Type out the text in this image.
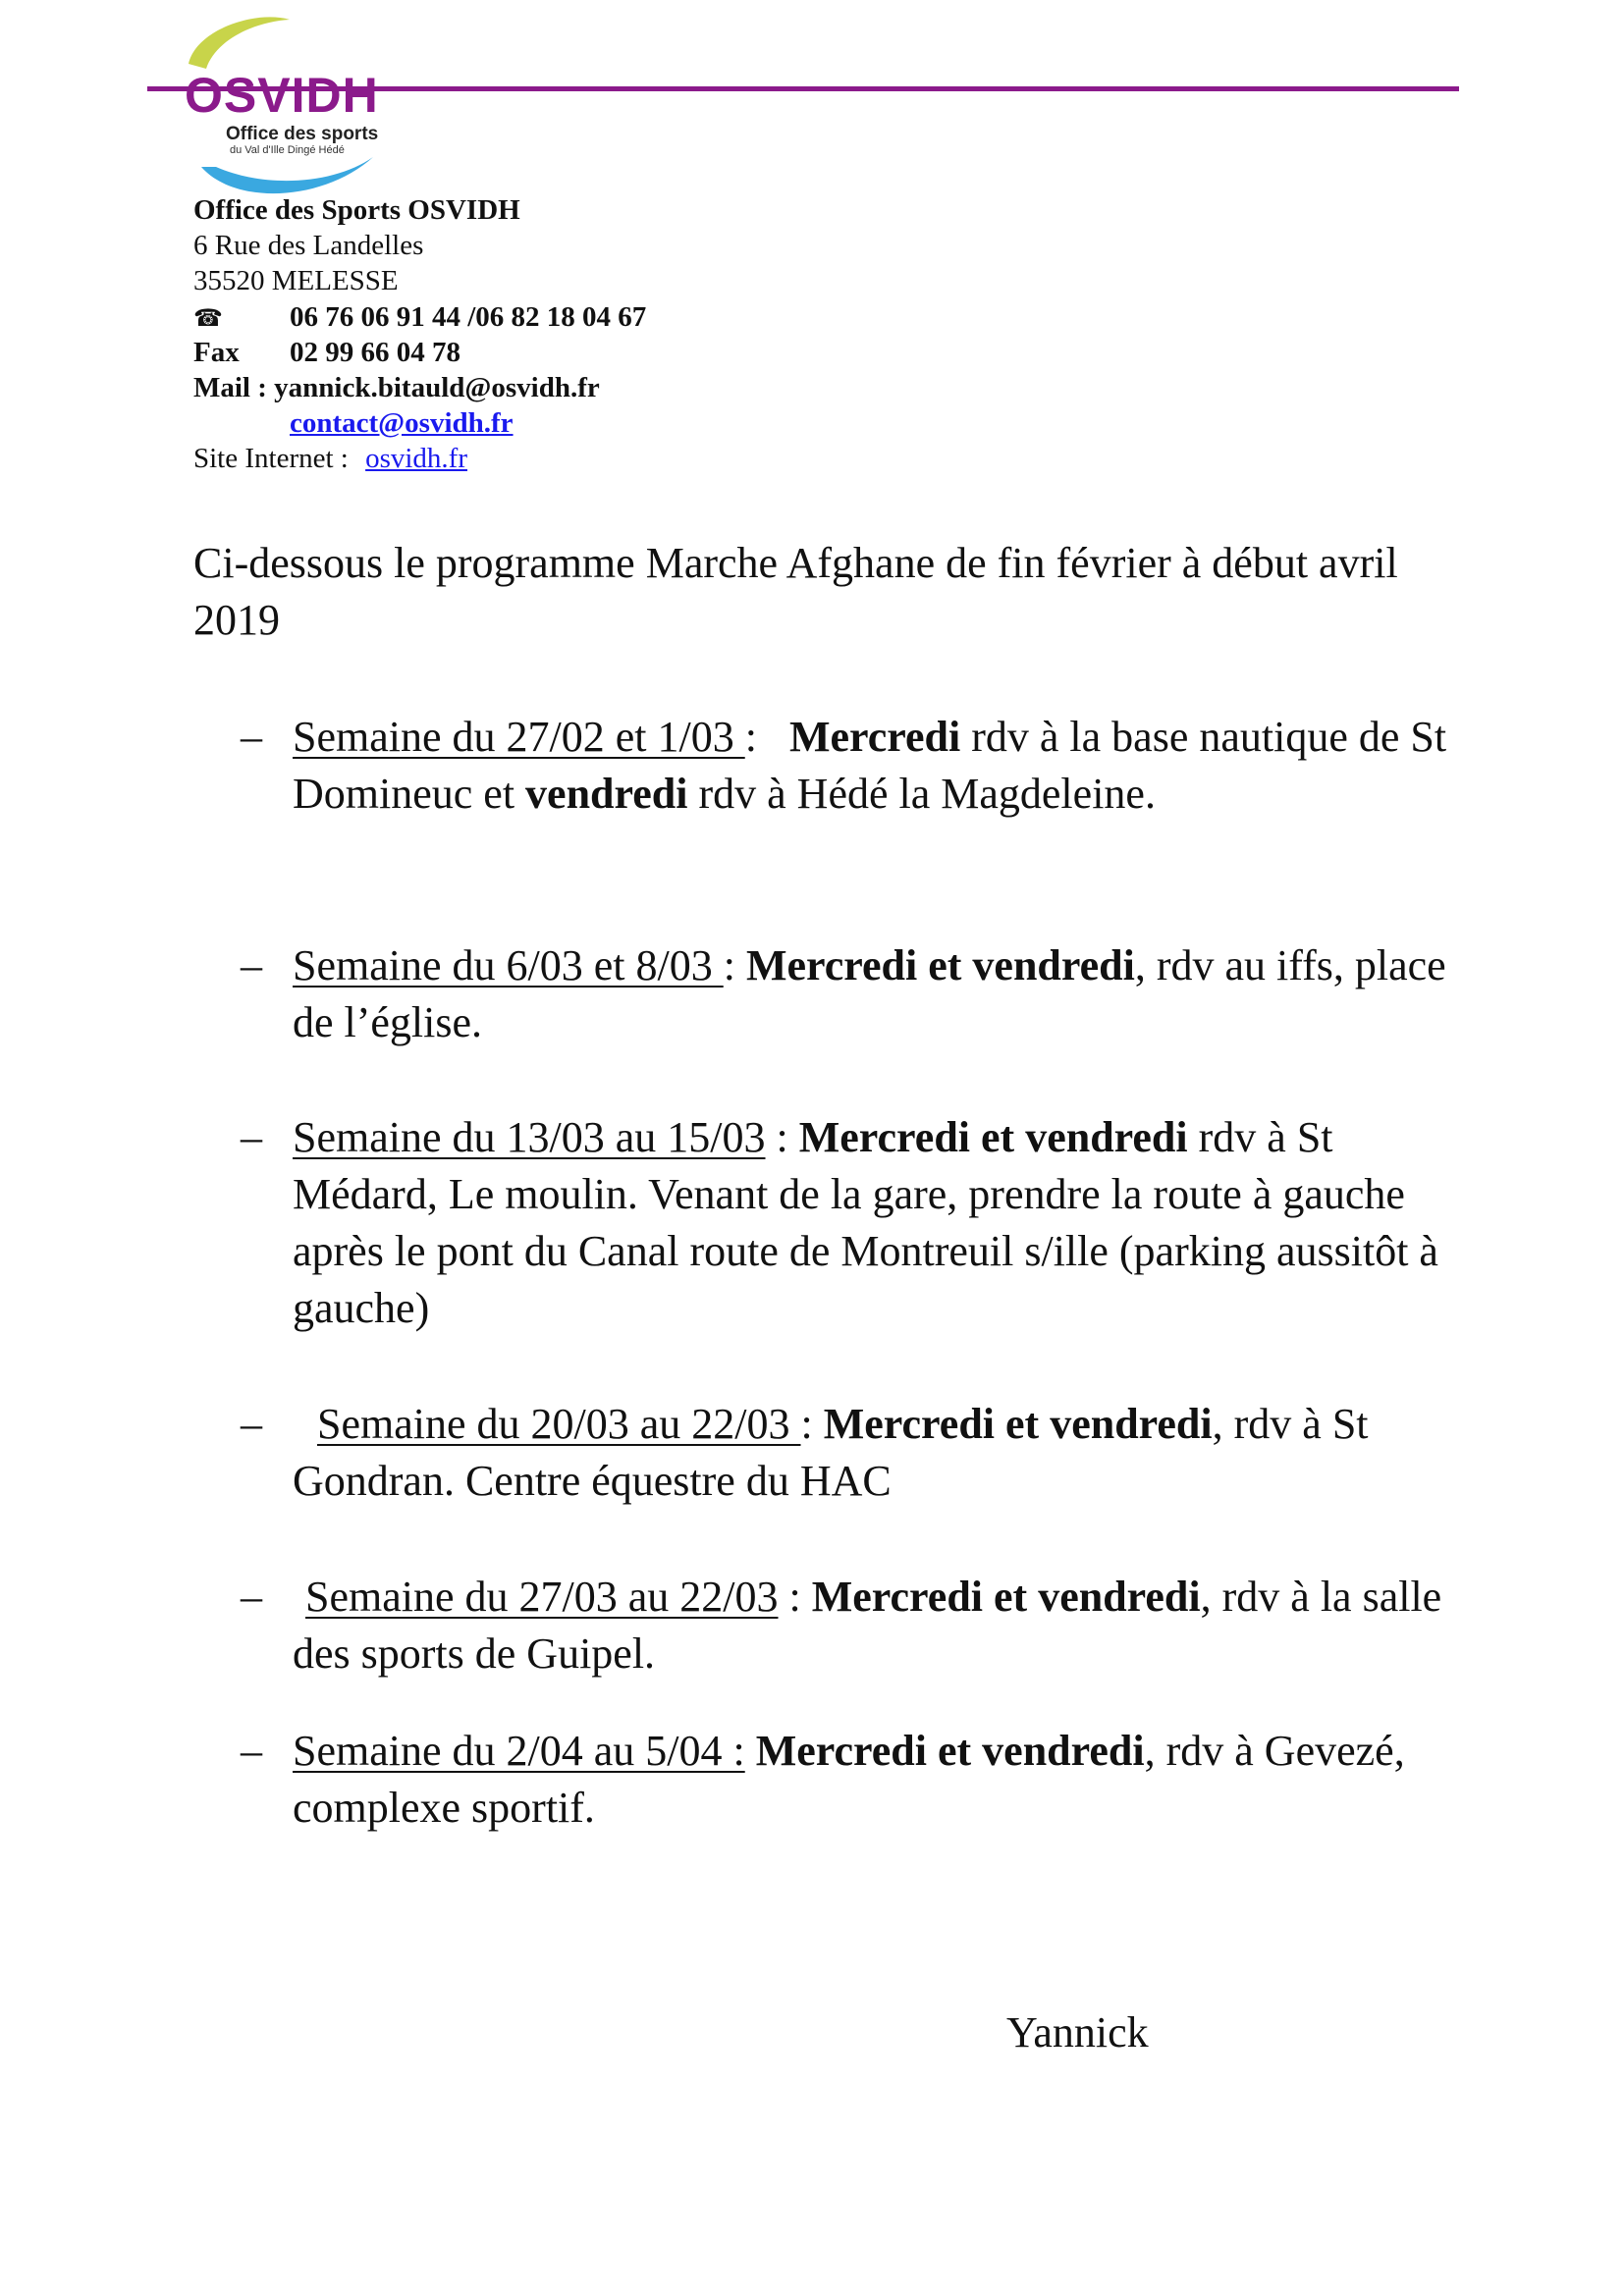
OSVIDH
Office des sports
du Val d'Ille Dingé Hédé
Office des Sports OSVIDH
6 Rue des Landelles
35520 MELESSE
☎ 06 76 06 91 44 /06 82 18 04 67
Fax 02 99 66 04 78
Mail : yannick.bitauld@osvidh.fr
contact@osvidh.fr
Site Internet : osvidh.fr
Ci-dessous le programme Marche Afghane de fin février à début avril 2019
– Semaine du 27/02 et 1/03 :   Mercredi rdv à la base nautique de St Domineuc et vendredi rdv à Hédé la Magdeleine.
– Semaine du 6/03 et 8/03 : Mercredi et vendredi, rdv au iffs, place de l’église.
– Semaine du 13/03 au 15/03 : Mercredi et vendredi rdv à St Médard, Le moulin. Venant de la gare, prendre la route à gauche après le pont du Canal route de Montreuil s/ille (parking aussitôt à gauche)
–	Semaine du 20/03 au 22/03 : Mercredi et vendredi, rdv à St Gondran. Centre équestre du HAC
– Semaine du 27/03 au 22/03 : Mercredi et vendredi, rdv à la salle des sports de Guipel.
– Semaine du 2/04 au 5/04 : Mercredi et vendredi, rdv à Gevezé, complexe sportif.
Yannick
